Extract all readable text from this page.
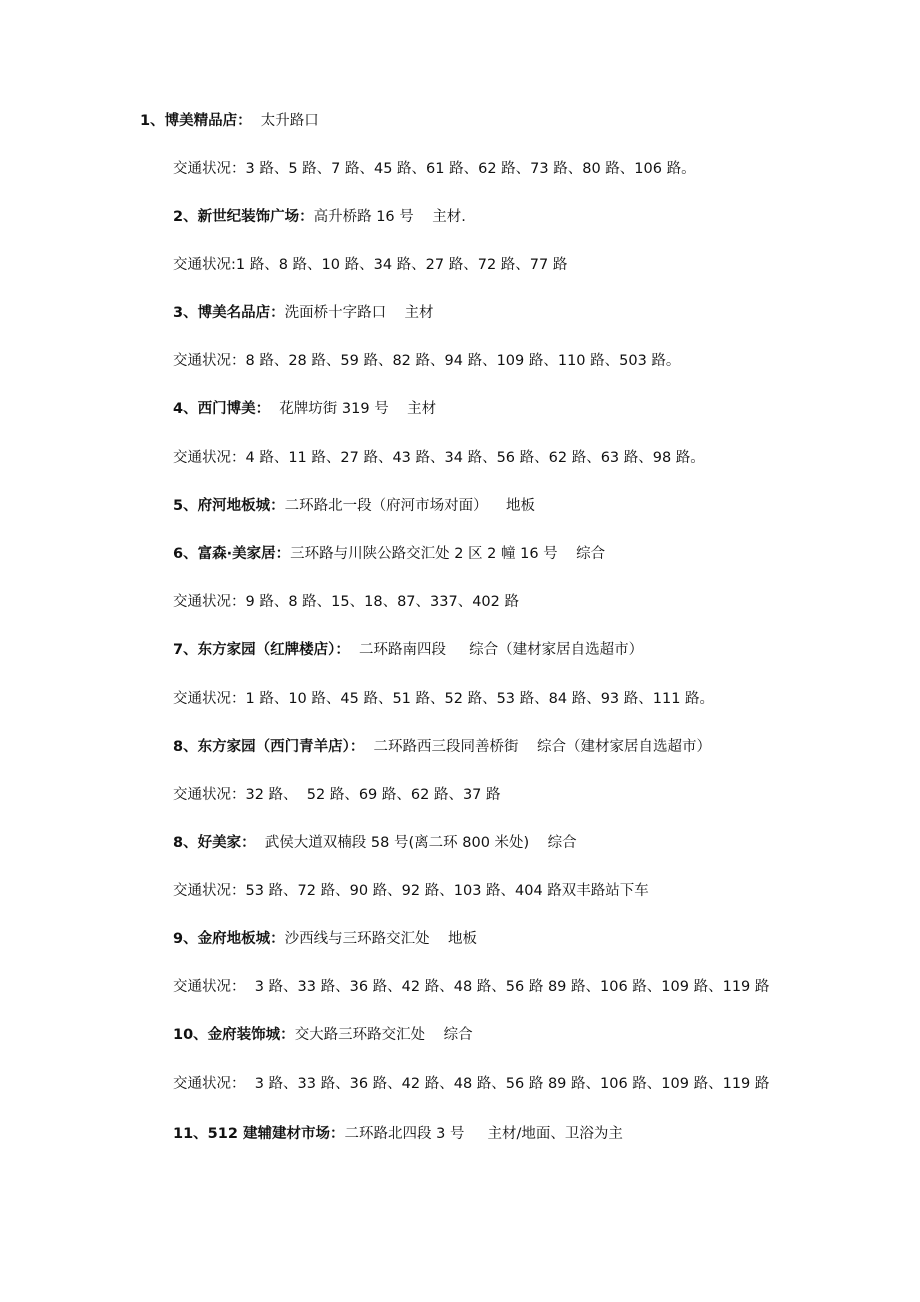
1、博美精品店：  太升路口
交通状况：3 路、5 路、7 路、45 路、61 路、62 路、73 路、80 路、106 路。
2、新世纪装饰广场：高升桥路 16 号    主材.
交通状况:1 路、8 路、10 路、34 路、27 路、72 路、77 路
3、博美名品店：洗面桥十字路口    主材
交通状况：8 路、28 路、59 路、82 路、94 路、109 路、110 路、503 路。
4、西门博美：  花牌坊街 319 号    主材
交通状况：4 路、11 路、27 路、43 路、34 路、56 路、62 路、63 路、98 路。
5、府河地板城：二环路北一段（府河市场对面）    地板
6、富森·美家居：三环路与川陕公路交汇处 2 区 2 幢 16 号    综合
交通状况：9 路、8 路、15、18、87、337、402 路
7、东方家园（红牌楼店）：  二环路南四段     综合（建材家居自选超市）
交通状况：1 路、10 路、45 路、51 路、52 路、53 路、84 路、93 路、111 路。
8、东方家园（西门青羊店）：  二环路西三段同善桥街    综合（建材家居自选超市）
交通状况：32 路、  52 路、69 路、62 路、37 路
8、好美家：  武侯大道双楠段 58 号(离二环 800 米处)    综合
交通状况：53 路、72 路、90 路、92 路、103 路、404 路双丰路站下车
9、金府地板城：沙西线与三环路交汇处    地板
交通状况：  3 路、33 路、36 路、42 路、48 路、56 路 89 路、106 路、109 路、119 路
10、金府装饰城：交大路三环路交汇处    综合
交通状况：  3 路、33 路、36 路、42 路、48 路、56 路 89 路、106 路、109 路、119 路
11、512 建辅建材市场：二环路北四段 3 号     主材/地面、卫浴为主
